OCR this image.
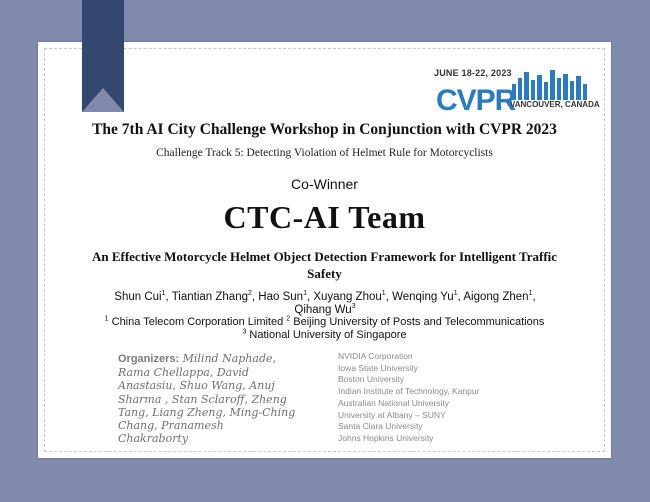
CVPR
JUNE 18-22, 2023
VANCOUVER, CANADA
The 7th AI City Challenge Workshop in Conjunction with CVPR 2023
Challenge Track 5: Detecting Violation of Helmet Rule for Motorcyclists
Co-Winner
CTC-AI Team
An Effective Motorcycle Helmet Object Detection Framework for Intelligent Traffic Safety
Shun Cui$^1$, Tiantian Zhang$^2$, Hao Sun$^1$, Xuyang Zhou$^1$, Wenqing Yu$^1$, Aigong Zhen$^1$, Qihang Wu$^3$
$^1$ China Telecom Corporation Limited $^2$ Beijing University of Posts and Telecommunications
$^3$ National University of Singapore
Organizers: Milind Naphade, Rama Chellappa, David Anastasiu, Shuo Wang, Anuj Sharma , Stan Sclaroff, Zheng Tang, Liang Zheng, Ming-Ching Chang, Pranamesh Chakraborty
NVIDIA Corporation
Iowa State University
Boston University
Indian Institute of Technology, Kanpur
Australian National University
University at Albany – SUNY
Santa Clara University
Johns Hopkins University
